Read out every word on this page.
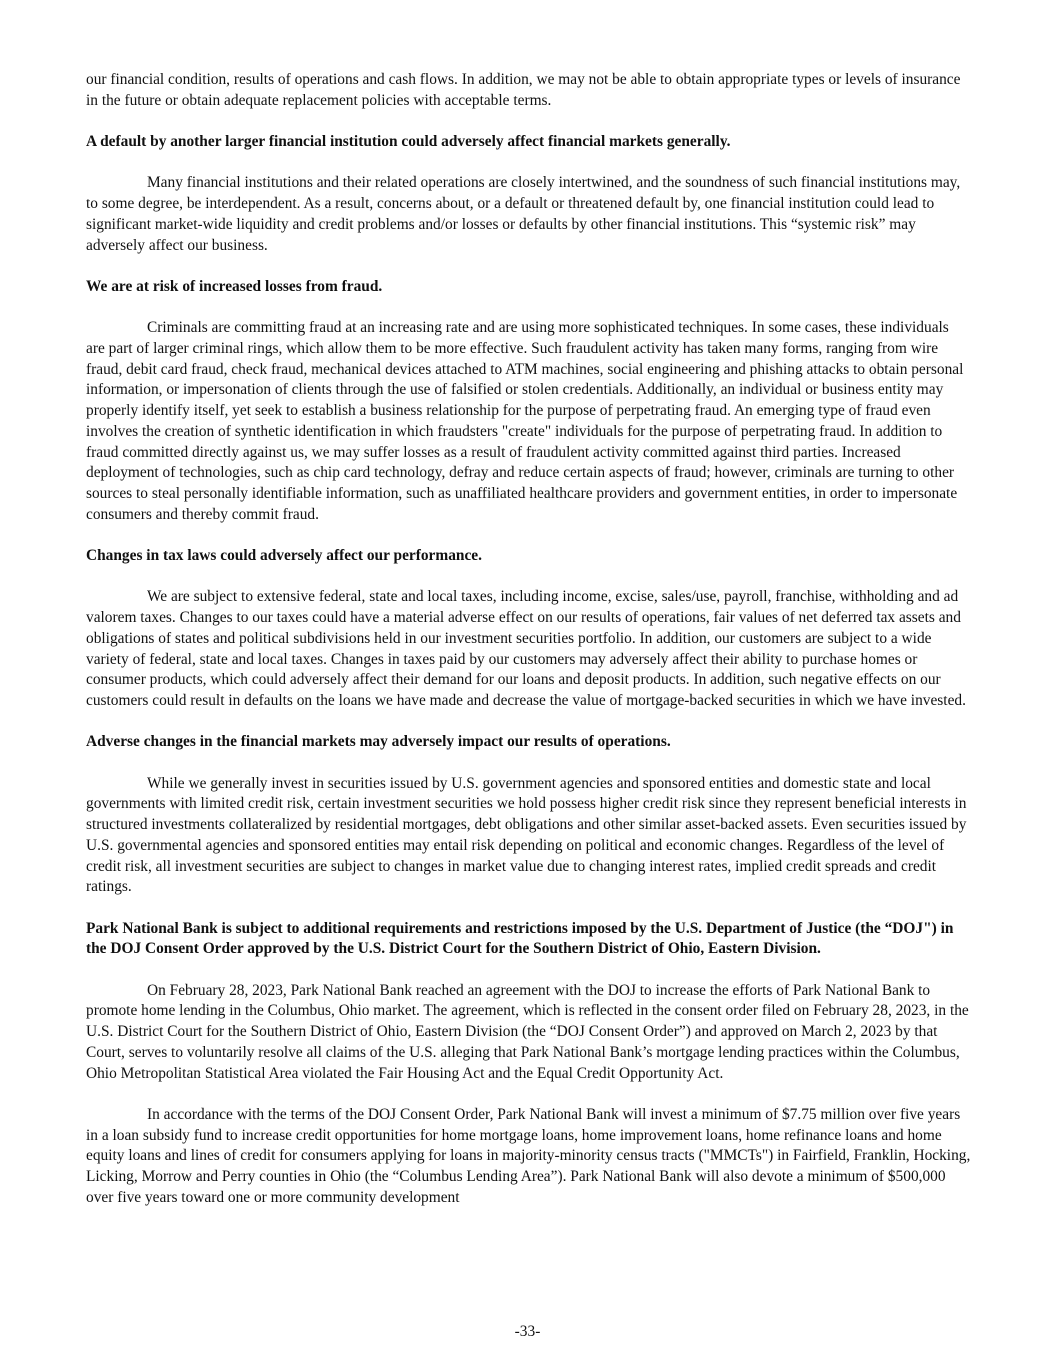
our financial condition, results of operations and cash flows. In addition, we may not be able to obtain appropriate types or levels of insurance in the future or obtain adequate replacement policies with acceptable terms.

A default by another larger financial institution could adversely affect financial markets generally.

Many financial institutions and their related operations are closely intertwined, and the soundness of such financial institutions may, to some degree, be interdependent. As a result, concerns about, or a default or threatened default by, one financial institution could lead to significant market-wide liquidity and credit problems and/or losses or defaults by other financial institutions. This “systemic risk” may adversely affect our business.

We are at risk of increased losses from fraud.

Criminals are committing fraud at an increasing rate and are using more sophisticated techniques. In some cases, these individuals are part of larger criminal rings, which allow them to be more effective. Such fraudulent activity has taken many forms, ranging from wire fraud, debit card fraud, check fraud, mechanical devices attached to ATM machines, social engineering and phishing attacks to obtain personal information, or impersonation of clients through the use of falsified or stolen credentials. Additionally, an individual or business entity may properly identify itself, yet seek to establish a business relationship for the purpose of perpetrating fraud. An emerging type of fraud even involves the creation of synthetic identification in which fraudsters "create" individuals for the purpose of perpetrating fraud. In addition to fraud committed directly against us, we may suffer losses as a result of fraudulent activity committed against third parties. Increased deployment of technologies, such as chip card technology, defray and reduce certain aspects of fraud; however, criminals are turning to other sources to steal personally identifiable information, such as unaffiliated healthcare providers and government entities, in order to impersonate consumers and thereby commit fraud.

Changes in tax laws could adversely affect our performance.

We are subject to extensive federal, state and local taxes, including income, excise, sales/use, payroll, franchise, withholding and ad valorem taxes. Changes to our taxes could have a material adverse effect on our results of operations, fair values of net deferred tax assets and obligations of states and political subdivisions held in our investment securities portfolio. In addition, our customers are subject to a wide variety of federal, state and local taxes. Changes in taxes paid by our customers may adversely affect their ability to purchase homes or consumer products, which could adversely affect their demand for our loans and deposit products. In addition, such negative effects on our customers could result in defaults on the loans we have made and decrease the value of mortgage-backed securities in which we have invested.

Adverse changes in the financial markets may adversely impact our results of operations.

While we generally invest in securities issued by U.S. government agencies and sponsored entities and domestic state and local governments with limited credit risk, certain investment securities we hold possess higher credit risk since they represent beneficial interests in structured investments collateralized by residential mortgages, debt obligations and other similar asset-backed assets. Even securities issued by U.S. governmental agencies and sponsored entities may entail risk depending on political and economic changes. Regardless of the level of credit risk, all investment securities are subject to changes in market value due to changing interest rates, implied credit spreads and credit ratings.

Park National Bank is subject to additional requirements and restrictions imposed by the U.S. Department of Justice (the “DOJ") in the DOJ Consent Order approved by the U.S. District Court for the Southern District of Ohio, Eastern Division.

On February 28, 2023, Park National Bank reached an agreement with the DOJ to increase the efforts of Park National Bank to promote home lending in the Columbus, Ohio market. The agreement, which is reflected in the consent order filed on February 28, 2023, in the U.S. District Court for the Southern District of Ohio, Eastern Division (the “DOJ Consent Order”) and approved on March 2, 2023 by that Court, serves to voluntarily resolve all claims of the U.S. alleging that Park National Bank’s mortgage lending practices within the Columbus, Ohio Metropolitan Statistical Area violated the Fair Housing Act and the Equal Credit Opportunity Act.

In accordance with the terms of the DOJ Consent Order, Park National Bank will invest a minimum of $7.75 million over five years in a loan subsidy fund to increase credit opportunities for home mortgage loans, home improvement loans, home refinance loans and home equity loans and lines of credit for consumers applying for loans in majority-minority census tracts ("MMCTs") in Fairfield, Franklin, Hocking, Licking, Morrow and Perry counties in Ohio (the “Columbus Lending Area”). Park National Bank will also devote a minimum of $500,000 over five years toward one or more community development

-33-
